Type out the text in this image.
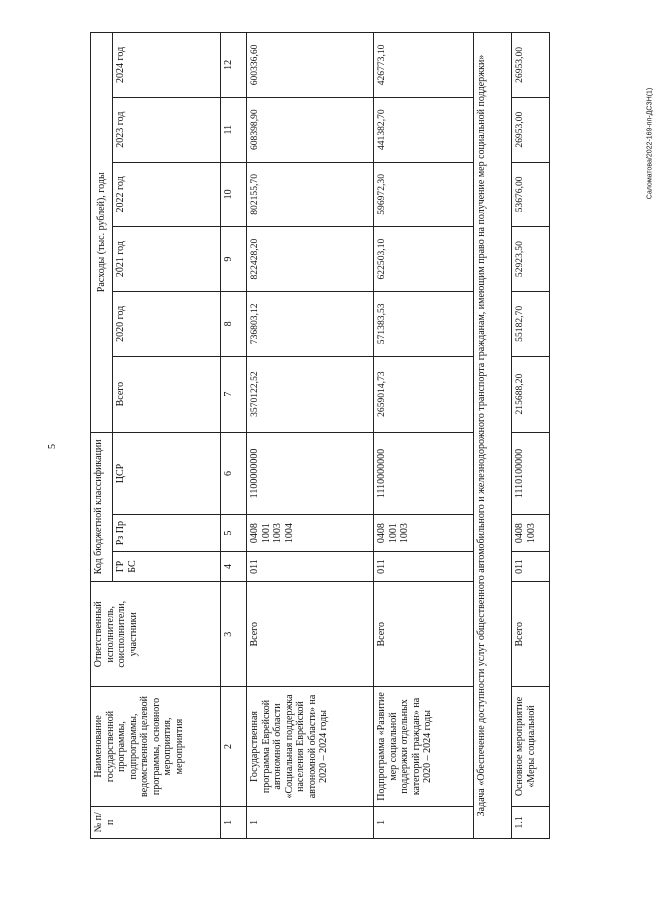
5
Саломатова/2022-169-пп-ДСЗН(1)
№ п/п	Наименование государственной программы, подпрограммы, ведомственной целевой программы, основного мероприятия, мероприятия	Ответственный исполнитель, соисполнители, участники	Код бюджетной классификации			Расходы (тыс. рублей), годы					
			ГР БС	Рз Пр	ЦСР	Всего	2020 год	2021 год	2022 год	2023 год	2024 год
1	2	3	4	5	6	7	8	9	10	11	12
1	Государственная программа Еврейской автономной области «Социальная поддержка населения Еврейской автономной области» на 2020 – 2024 годы	Всего	011	0408 1001 1003 1004	1100000000	3570122,52	736803,12	822428,20	802155,70	608398,90	600336,60
1	Подпрограмма «Развитие мер социальной поддержки отдельных категорий граждан» на 2020 – 2024 годы	Всего	011	0408 1001 1003	1110000000	2659014,73	571383,53	622503,10	596972,30	441382,70	426773,10
Задача «Обеспечение доступности услуг общественного автомобильного и железнодорожного транспорта гражданам, имеющим право на получение мер социальной поддержки»											
1.1	Основное мероприятие «Меры социальной	Всего	011	0408 1003	1110100000	215688,20	55182,70	52923,50	53676,00	26953,00	26953,00
